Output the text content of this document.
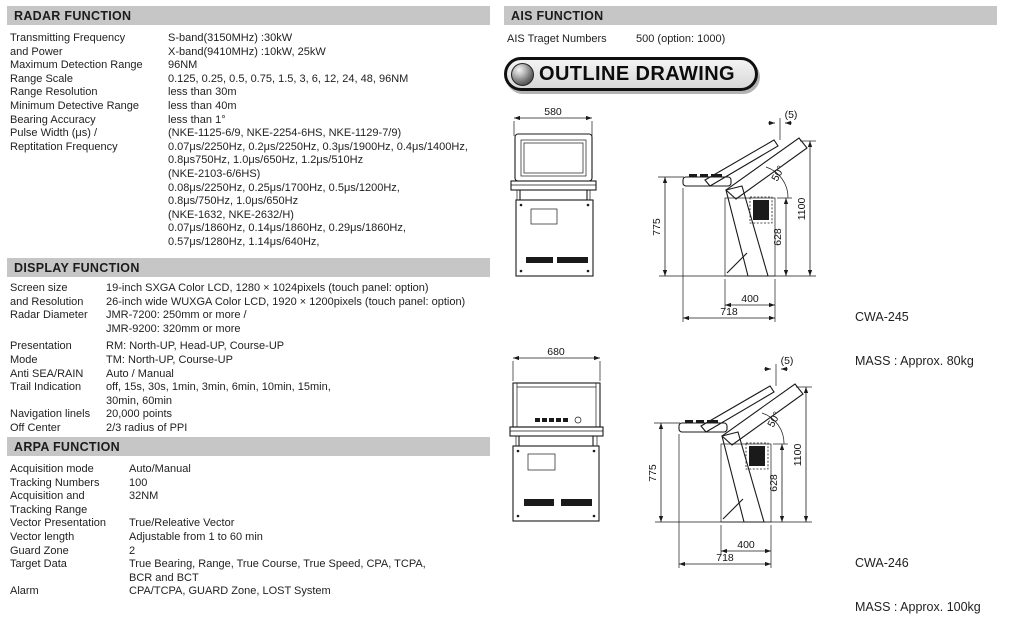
RADAR FUNCTION
Transmitting Frequency	S-band(3150MHz) :30kW
and Power	X-band(9410MHz) :10kW, 25kW
Maximum Detection Range	96NM
Range Scale	0.125, 0.25, 0.5, 0.75, 1.5, 3, 6, 12, 24, 48, 96NM
Range Resolution	less than 30m
Minimum Detective Range	less than 40m
Bearing Accuracy	less than 1°
Pulse Width (μs) /	(NKE-1125-6/9, NKE-2254-6HS, NKE-1129-7/9)
Reptitation Frequency	0.07μs/2250Hz, 0.2μs/2250Hz, 0.3μs/1900Hz, 0.4μs/1400Hz,
0.8μs750Hz, 1.0μs/650Hz, 1.2μs/510Hz
(NKE-2103-6/6HS)
0.08μs/2250Hz, 0.25μs/1700Hz, 0.5μs/1200Hz,
0.8μs/750Hz, 1.0μs/650Hz
(NKE-1632, NKE-2632/H)
0.07μs/1860Hz, 0.14μs/1860Hz, 0.29μs/1860Hz,
0.57μs/1280Hz, 1.14μs/640Hz,
DISPLAY FUNCTION
Screen size	19-inch SXGA Color LCD, 1280 × 1024pixels (touch panel: option)
and Resolution	26-inch wide WUXGA Color LCD, 1920 × 1200pixels (touch panel: option)
Radar Diameter	JMR-7200: 250mm or more /
JMR-9200: 320mm or more
Presentation	RM: North-UP, Head-UP, Course-UP
Mode	TM: North-UP, Course-UP
Anti SEA/RAIN	Auto / Manual
Trail Indication	off, 15s, 30s, 1min, 3min, 6min, 10min, 15min,
30min, 60min
Navigation linels	20,000 points
Off Center	2/3 radius of PPI
ARPA FUNCTION
Acquisition mode	Auto/Manual
Tracking Numbers	100
Acquisition and	32NM
Tracking Range
Vector Presentation	True/Releative Vector
Vector length	Adjustable from 1 to 60 min
Guard Zone	2
Target Data	True Bearing, Range, True Course, True Speed, CPA, TCPA,
BCR and BCT
Alarm	CPA/TCPA, GUARD Zone, LOST System
AIS FUNCTION
AIS Traget Numbers	500 (option: 1000)
OUTLINE DRAWING
580
50°
(5)
775
1100
628
400
718

	CWA-245

MASS : Approx. 80kg

680
50°
(5)
775
1100
628
400
718

	CWA-246

MASS : Approx. 100kg
